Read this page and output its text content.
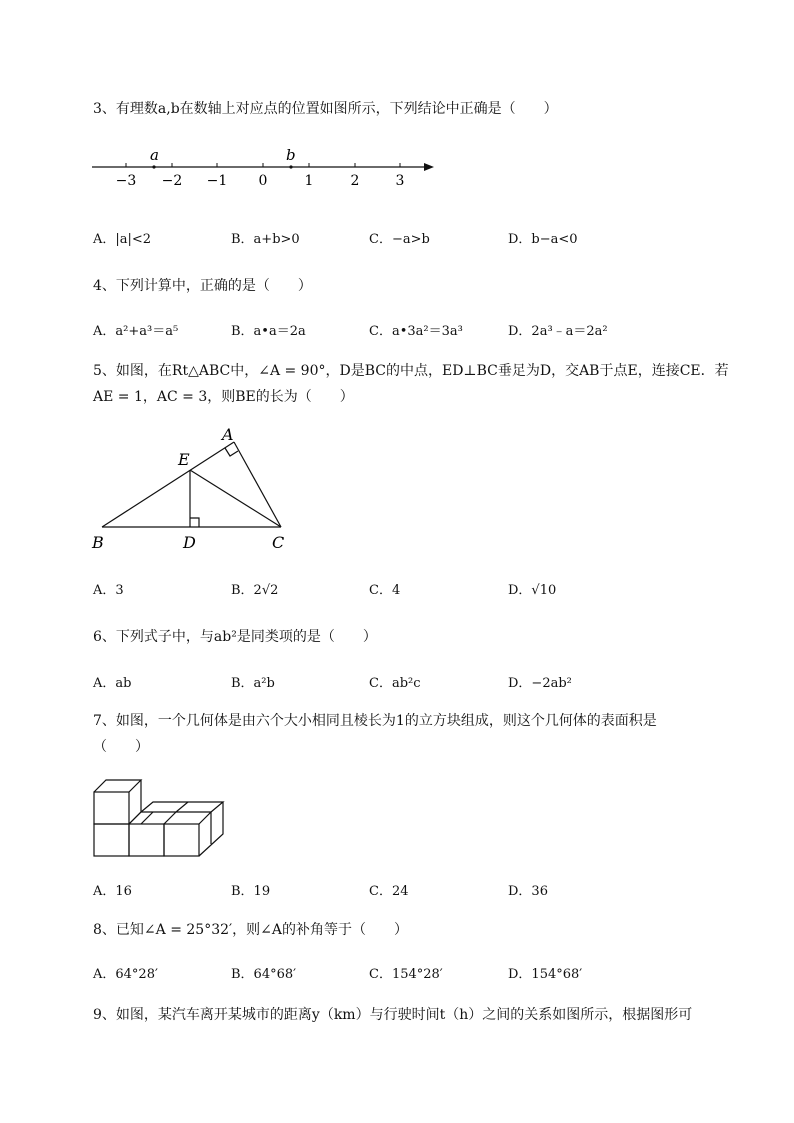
3、有理数a,b在数轴上对应点的位置如图所示，下列结论中正确是（　　）
a	b
−3 −2 −1 0	1	2	3
A．|a|<2	B．a+b>0	C．−a>b	D．b−a<0
4、下列计算中，正确的是（　　）
A．a²+a³＝a⁵	B．a•a＝2a	C．a•3a²＝3a³	D．2a³﹣a＝2a²
5、如图，在Rt△ABC中，∠A = 90°，D是BC的中点，ED⊥BC垂足为D，交AB于点E，连接CE．若
AE = 1，AC = 3，则BE的长为（　　）
A
E
B	D	C
A．3	B．2√2	C．4	D．√10
6、下列式子中，与ab²是同类项的是（　　）
A．ab	B．a²b	C．ab²c	D．−2ab²
7、如图，一个几何体是由六个大小相同且棱长为1的立方块组成，则这个几何体的表面积是
（　　）
A．16	B．19	C．24	D．36
8、已知∠A = 25°32′，则∠A的补角等于（　　）
A．64°28′	B．64°68′	C．154°28′	D．154°68′
9、如图，某汽车离开某城市的距离y（km）与行驶时间t（h）之间的关系如图所示，根据图形可
